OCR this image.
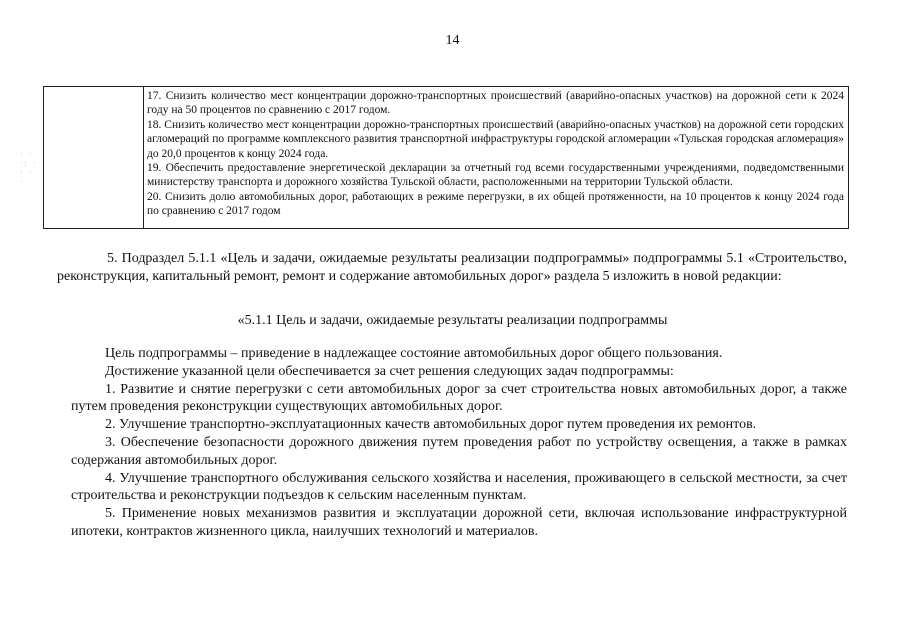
14
· ·
·: ·
· ·
·
17. Снизить количество мест концентрации дорожно-транспортных происшествий (аварийно-опасных участков) на дорожной сети к 2024 году на 50 процентов по сравнению с 2017 годом.
18. Снизить количество мест концентрации дорожно-транспортных происшествий (аварийно-опасных участков) на дорожной сети городских агломераций по программе комплексного развития транспортной инфраструктуры городской агломерации «Тульская городская агломерация» до 20,0 процентов к концу 2024 года.
19. Обеспечить предоставление энергетической декларации за отчетный год всеми государственными учреждениями, подведомственными министерству транспорта и дорожного хозяйства Тульской области, расположенными на территории Тульской области.
20. Снизить долю автомобильных дорог, работающих в режиме перегрузки, в их общей протяженности, на 10 процентов к концу 2024 года по сравнению с 2017 годом

5. Подраздел 5.1.1 «Цель и задачи, ожидаемые результаты реализации подпрограммы» подпрограммы 5.1 «Строительство, реконструкция, капитальный ремонт, ремонт и содержание автомобильных дорог» раздела 5 изложить в новой редакции:

«5.1.1 Цель и задачи, ожидаемые результаты реализации подпрограммы

Цель подпрограммы – приведение в надлежащее состояние автомобильных дорог общего пользования.

Достижение указанной цели обеспечивается за счет решения следующих задач подпрограммы:

1. Развитие и снятие перегрузки с сети автомобильных дорог за счет строительства новых автомобильных дорог, а также путем проведения реконструкции существующих автомобильных дорог.

2. Улучшение транспортно-эксплуатационных качеств автомобильных дорог путем проведения их ремонтов.

3. Обеспечение безопасности дорожного движения путем проведения работ по устройству освещения, а также в рамках содержания автомобильных дорог.

4. Улучшение транспортного обслуживания сельского хозяйства и населения, проживающего в сельской местности, за счет строительства и реконструкции подъездов к сельским населенным пунктам.

5. Применение новых механизмов развития и эксплуатации дорожной сети, включая использование инфраструктурной ипотеки, контрактов жизненного цикла, наилучших технологий и материалов.
